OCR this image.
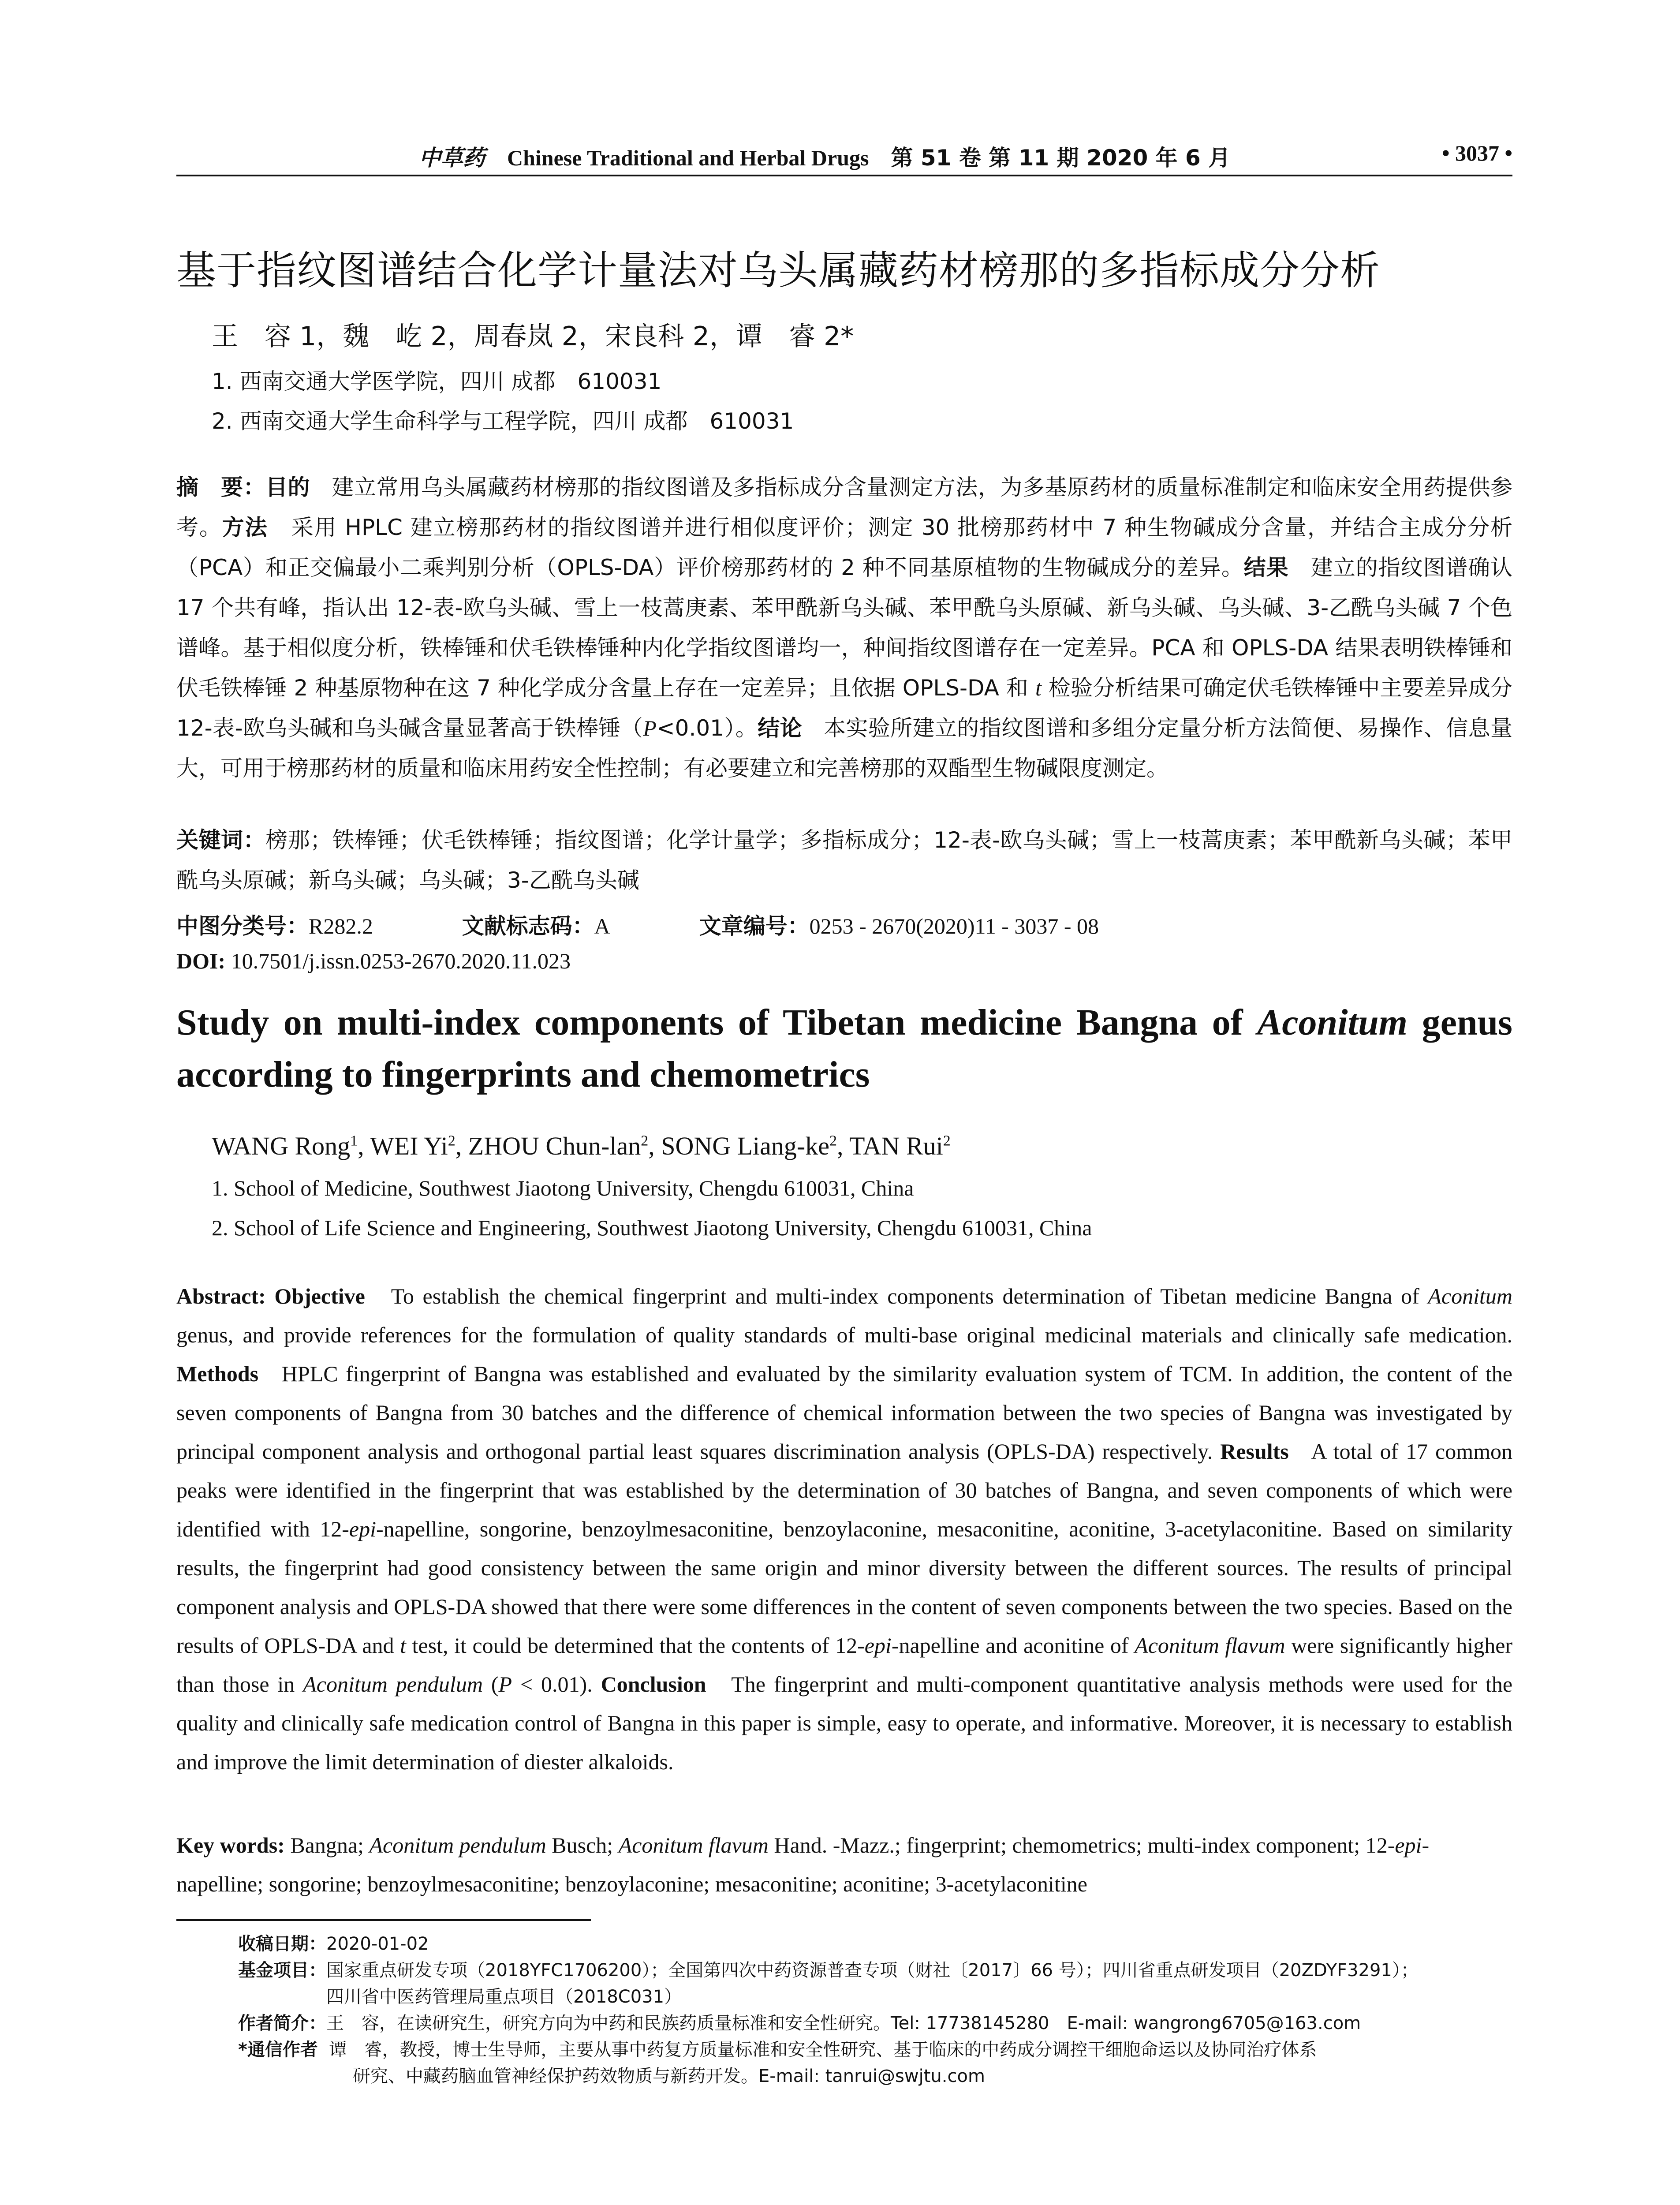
中草药 Chinese Traditional and Herbal Drugs 第 51 卷 第 11 期 2020 年 6 月	• 3037 •
基于指纹图谱结合化学计量法对乌头属藏药材榜那的多指标成分分析
王　容 1，魏　屹 2，周春岚 2，宋良科 2，谭　睿 2*
1. 西南交通大学医学院，四川 成都　610031
2. 西南交通大学生命科学与工程学院，四川 成都　610031
摘　要：目的 建立常用乌头属藏药材榜那的指纹图谱及多指标成分含量测定方法，为多基原药材的质量标准制定和临床安全用药提供参考。方法 采用 HPLC 建立榜那药材的指纹图谱并进行相似度评价；测定 30 批榜那药材中 7 种生物碱成分含量，并结合主成分分析（PCA）和正交偏最小二乘判别分析（OPLS-DA）评价榜那药材的 2 种不同基原植物的生物碱成分的差异。结果 建立的指纹图谱确认 17 个共有峰，指认出 12-表-欧乌头碱、雪上一枝蒿庚素、苯甲酰新乌头碱、苯甲酰乌头原碱、新乌头碱、乌头碱、3-乙酰乌头碱 7 个色谱峰。基于相似度分析，铁棒锤和伏毛铁棒锤种内化学指纹图谱均一，种间指纹图谱存在一定差异。PCA 和 OPLS-DA 结果表明铁棒锤和伏毛铁棒锤 2 种基原物种在这 7 种化学成分含量上存在一定差异；且依据 OPLS-DA 和 t 检验分析结果可确定伏毛铁棒锤中主要差异成分 12-表-欧乌头碱和乌头碱含量显著高于铁棒锤（P<0.01）。结论 本实验所建立的指纹图谱和多组分定量分析方法简便、易操作、信息量大，可用于榜那药材的质量和临床用药安全性控制；有必要建立和完善榜那的双酯型生物碱限度测定。
关键词：榜那；铁棒锤；伏毛铁棒锤；指纹图谱；化学计量学；多指标成分；12-表-欧乌头碱；雪上一枝蒿庚素；苯甲酰新乌头碱；苯甲酰乌头原碱；新乌头碱；乌头碱；3-乙酰乌头碱
中图分类号：R282.2	文献标志码：A	文章编号：0253 - 2670(2020)11 - 3037 - 08
DOI: 10.7501/j.issn.0253-2670.2020.11.023
Study on multi-index components of Tibetan medicine Bangna of Aconitum genus according to fingerprints and chemometrics
WANG Rong$^1$, WEI Yi$^2$, ZHOU Chun-lan$^2$, SONG Liang-$ke^2$, TAN Rui$^2$
1. School of Medicine, Southwest Jiaotong University, Chengdu 610031, China
2. School of Life Science and Engineering, Southwest Jiaotong University, Chengdu 610031, China
Abstract: Objective To establish the chemical fingerprint and multi-index components determination of Tibetan medicine Bangna of Aconitum genus, and provide references for the formulation of quality standards of multi-base original medicinal materials and clinically safe medication. Methods HPLC fingerprint of Bangna was established and evaluated by the similarity evaluation system of TCM. In addition, the content of the seven components of Bangna from 30 batches and the difference of chemical information between the two species of Bangna was investigated by principal component analysis and orthogonal partial least squares discrimination analysis (OPLS-DA) respectively. Results A total of 17 common peaks were identified in the fingerprint that was established by the determination of 30 batches of Bangna, and seven components of which were identified with 12-epi-napelline, songorine, benzoylmesaconitine, benzoylaconine, mesaconitine, aconitine, 3-acetylaconitine. Based on similarity results, the fingerprint had good consistency between the same origin and minor diversity between the different sources. The results of principal component analysis and OPLS-DA showed that there were some differences in the content of seven components between the two species. Based on the results of OPLS-DA and t test, it could be determined that the contents of 12-epi-napelline and aconitine of Aconitum flavum were significantly higher than those in Aconitum pendulum (P < 0.01). Conclusion The fingerprint and multi-component quantitative analysis methods were used for the quality and clinically safe medication control of Bangna in this paper is simple, easy to operate, and informative. Moreover, it is necessary to establish and improve the limit determination of diester alkaloids.
Key words: Bangna; Aconitum pendulum Busch; Aconitum flavum Hand. -Mazz.; fingerprint; chemometrics; multi-index component; 12-epi-napelline; songorine; benzoylmesaconitine; benzoylaconine; mesaconitine; aconitine; 3-acetylaconitine
收稿日期：2020-01-02
基金项目：国家重点研发专项（2018YFC1706200）；全国第四次中药资源普查专项（财社〔2017〕66 号）；四川省重点研发项目（20ZDYF3291）；
四川省中医药管理局重点项目（2018C031）
作者简介：王　容，在读研究生，研究方向为中药和民族药质量标准和安全性研究。Tel: 17738145280　E-mail: wangrong6705@163.com
*通信作者 谭　睿，教授，博士生导师，主要从事中药复方质量标准和安全性研究、基于临床的中药成分调控干细胞命运以及协同治疗体系
研究、中藏药脑血管神经保护药效物质与新药开发。E-mail: tanrui@swjtu.com
